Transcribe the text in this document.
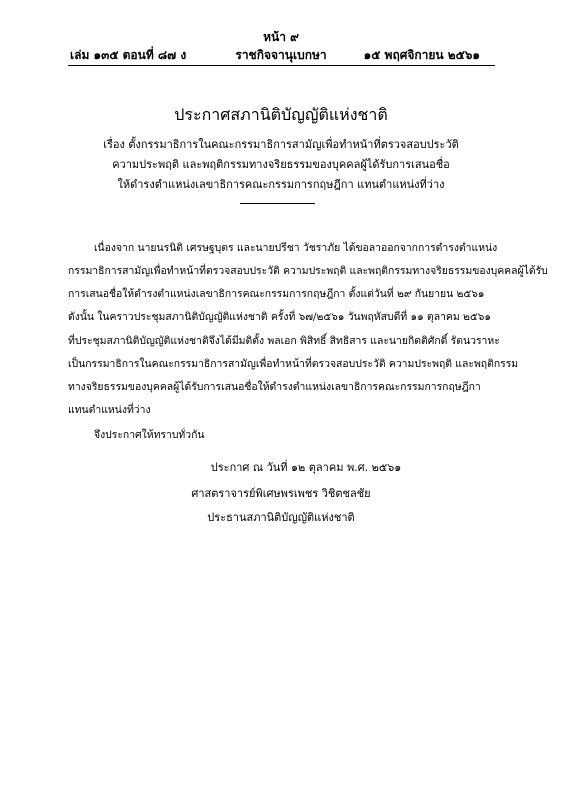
หน้า ๙
เล่ม ๑๓๕ ตอนที่ ๘๗ ง	ราชกิจจานุเบกษา	๑๕ พฤศจิกายน ๒๕๖๑
ประกาศสภานิติบัญญัติแห่งชาติ
เรื่อง ตั้งกรรมาธิการในคณะกรรมาธิการสามัญเพื่อทำหน้าที่ตรวจสอบประวัติ
ความประพฤติ และพฤติกรรมทางจริยธรรมของบุคคลผู้ได้รับการเสนอชื่อ
ให้ดำรงตำแหน่งเลขาธิการคณะกรรมการกฤษฎีกา แทนตำแหน่งที่ว่าง
เนื่องจาก นายนรนิติ เศรษฐบุตร และนายปรีชา วัชราภัย ได้ขอลาออกจากการดำรงตำแหน่ง
กรรมาธิการสามัญเพื่อทำหน้าที่ตรวจสอบประวัติ ความประพฤติ และพฤติกรรมทางจริยธรรมของบุคคลผู้ได้รับ
การเสนอชื่อให้ดำรงตำแหน่งเลขาธิการคณะกรรมการกฤษฎีกา ตั้งแต่วันที่ ๒๙ กันยายน ๒๕๖๑
ดังนั้น ในคราวประชุมสภานิติบัญญัติแห่งชาติ ครั้งที่ ๖๗/๒๕๖๑ วันพฤหัสบดีที่ ๑๑ ตุลาคม ๒๕๖๑
ที่ประชุมสภานิติบัญญัติแห่งชาติจึงได้มีมติตั้ง พลเอก พิสิทธิ์ สิทธิสาร และนายกิตติศักดิ์ รัตนวราหะ
เป็นกรรมาธิการในคณะกรรมาธิการสามัญเพื่อทำหน้าที่ตรวจสอบประวัติ ความประพฤติ และพฤติกรรม
ทางจริยธรรมของบุคคลผู้ได้รับการเสนอชื่อให้ดำรงตำแหน่งเลขาธิการคณะกรรมการกฤษฎีกา
แทนตำแหน่งที่ว่าง
จึงประกาศให้ทราบทั่วกัน
ประกาศ ณ วันที่ ๑๒ ตุลาคม พ.ศ. ๒๕๖๑
ศาสตราจารย์พิเศษพรเพชร วิชิตชลชัย
ประธานสภานิติบัญญัติแห่งชาติ
